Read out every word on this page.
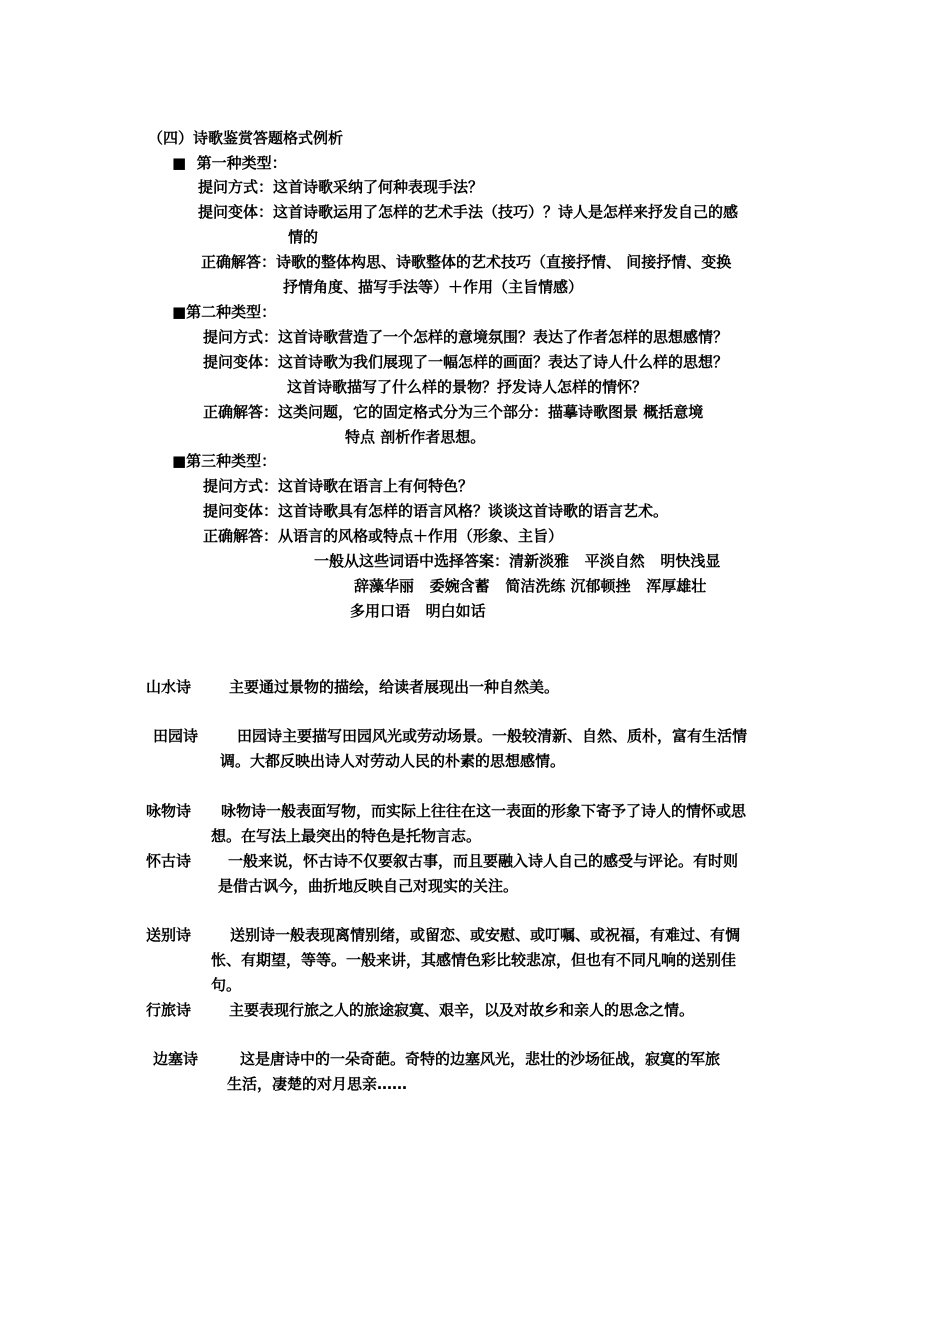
（四）诗歌鉴赏答题格式例析
■  第一种类型：
提问方式：这首诗歌采纳了何种表现手法？
提问变体：这首诗歌运用了怎样的艺术手法（技巧）？诗人是怎样来抒发自己的感
情的
正确解答：诗歌的整体构思、诗歌整体的艺术技巧（直接抒情、 间接抒情、变换
抒情角度、描写手法等）＋作用（主旨情感）
■第二种类型：
提问方式：这首诗歌营造了一个怎样的意境氛围？表达了作者怎样的思想感情？
提问变体：这首诗歌为我们展现了一幅怎样的画面？表达了诗人什么样的思想？
这首诗歌描写了什么样的景物？抒发诗人怎样的情怀？
正确解答：这类问题，它的固定格式分为三个部分：描摹诗歌图景 概括意境
特点 剖析作者思想。
■第三种类型：
提问方式：这首诗歌在语言上有何特色？
提问变体：这首诗歌具有怎样的语言风格？谈谈这首诗歌的语言艺术。
正确解答：从语言的风格或特点＋作用（形象、主旨）
一般从这些词语中选择答案：清新淡雅   平淡自然   明快浅显
辞藻华丽   委婉含蓄   简洁洗练 沉郁顿挫   浑厚雄壮
多用口语   明白如话
山水诗	主要通过景物的描绘，给读者展现出一种自然美。
田园诗	田园诗主要描写田园风光或劳动场景。一般较清新、自然、质朴，富有生活情
调。大都反映出诗人对劳动人民的朴素的思想感情。
咏物诗 咏物诗一般表面写物，而实际上往往在这一表面的形象下寄予了诗人的情怀或思
想。在写法上最突出的特色是托物言志。
怀古诗 一般来说，怀古诗不仅要叙古事，而且要融入诗人自己的感受与评论。有时则
是借古讽今，曲折地反映自己对现实的关注。
送别诗	送别诗一般表现离情别绪，或留恋、或安慰、或叮嘱、或祝福，有难过、有惆
怅、有期望，等等。一般来讲，其感情色彩比较悲凉，但也有不同凡响的送别佳
句。
行旅诗	主要表现行旅之人的旅途寂寞、艰辛，以及对故乡和亲人的思念之情。
边塞诗	这是唐诗中的一朵奇葩。奇特的边塞风光，悲壮的沙场征战，寂寞的军旅
生活，凄楚的对月思亲……
